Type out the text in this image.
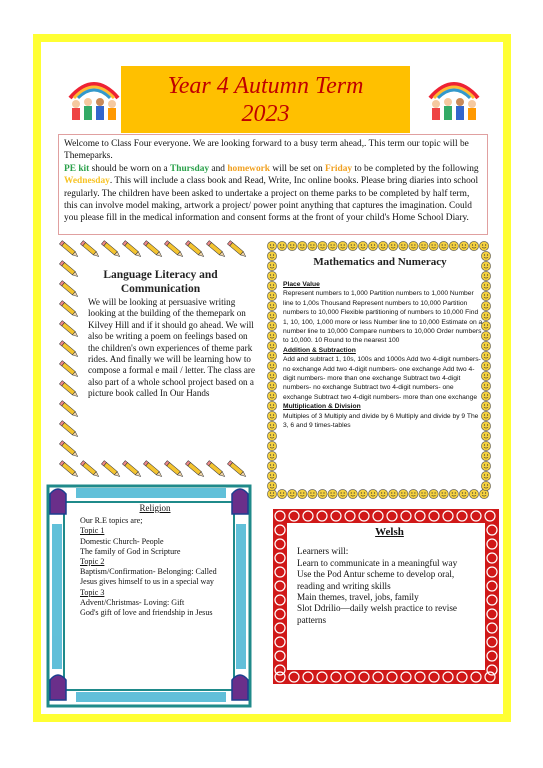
Year 4 Autumn Term
2023
Welcome to Class Four everyone. We are looking forward to a busy term ahead,. This term our topic will be Themeparks.
PE kit should be worn on a Thursday and homework will be set on Friday to be completed by the following Wednesday. This will include a class book and Read, Write, Inc online books. Please bring diaries into school regularly. The children have been asked to undertake a project on theme parks to be completed by half term, this can involve model making, artwork a project/ power point anything that captures the imagination. Could you please fill in the medical information and consent forms at the front of your child's Home School Diary.
Language Literacy and Communication
We will be looking at persuasive writing looking at the building of the themepark on Kilvey Hill and if it should go ahead. We will also be writing a poem on feelings based on the children's own experiences of theme park rides. And finally we will be learning how to compose a formal e mail / letter. The class are also part of a whole school project based on a picture book called In Our Hands
Mathematics and Numeracy
Place Value
Represent numbers to 1,000 Partition numbers to 1,000 Number line to 1,00s Thousand Represent numbers to 10,000 Partition numbers to 10,000 Flexible partitioning of numbers to 10,000 Find 1, 10, 100, 1,000 more or less Number line to 10,000 Estimate on a number line to 10,000 Compare numbers to 10,000 Order numbers to 10,000. 10 Round to the nearest 100
Addition & Subtraction
Add and subtract 1, 10s, 100s and 1000s Add two 4-digit numbers- no exchange Add two 4-digit numbers- one exchange Add two 4-digit numbers- more than one exchange Subtract two 4-digit numbers- no exchange Subtract two 4-digit numbers- one exchange Subtract two 4-digit numbers- more than one exchange
Multiplication & Division
Multiples of 3 Multiply and divide by 6 Multiply and divide by 9 The 3, 6 and 9 times-tables
Religion
Our R.E topics are;
Topic 1
Domestic Church- People
The family of God in Scripture
Topic 2
Baptism/Confirmation- Belonging: Called
Jesus gives himself to us in a special way
Topic 3
Advent/Christmas- Loving: Gift
God's gift of love and friendship in Jesus
Welsh
Learners will:
Learn to communicate in a meaningful way
Use the Pod Antur scheme to develop oral, reading and writing skills
Main themes, travel, jobs, family
Slot Ddrilio—daily welsh practice to revise patterns
